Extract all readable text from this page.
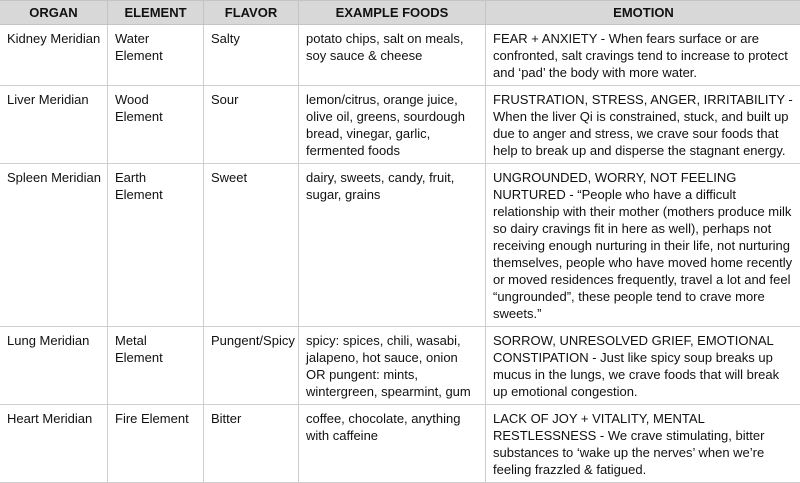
ORGAN	ELEMENT	FLAVOR	EXAMPLE FOODS	EMOTION
Kidney Meridian	Water Element	Salty	potato chips, salt on meals, soy sauce & cheese	FEAR + ANXIETY - When fears surface or are confronted, salt cravings tend to increase to protect and ‘pad’ the body with more water.
Liver Meridian	Wood Element	Sour	lemon/citrus, orange juice, olive oil, greens, sourdough bread, vinegar, garlic, fermented foods	FRUSTRATION, STRESS, ANGER, IRRITABILITY - When the liver Qi is constrained, stuck, and built up due to anger and stress, we crave sour foods that help to break up and disperse the stagnant energy.
Spleen Meridian	Earth Element	Sweet	dairy, sweets, candy, fruit, sugar, grains	UNGROUNDED, WORRY, NOT FEELING NURTURED - “People who have a difficult relationship with their mother (mothers produce milk so dairy cravings fit in here as well), perhaps not receiving enough nurturing in their life, not nurturing themselves, people who have moved home recently or moved residences frequently, travel a lot and feel “ungrounded”, these people tend to crave more sweets.”
Lung Meridian	Metal Element	Pungent/Spicy	spicy: spices, chili, wasabi, jalapeno, hot sauce, onion OR pungent: mints, wintergreen, spearmint, gum	SORROW, UNRESOLVED GRIEF, EMOTIONAL CONSTIPATION - Just like spicy soup breaks up mucus in the lungs, we crave foods that will break up emotional congestion.
Heart Meridian	Fire Element	Bitter	coffee, chocolate, anything with caffeine	LACK OF JOY + VITALITY, MENTAL RESTLESSNESS - We crave stimulating, bitter substances to ‘wake up the nerves’ when we’re feeling frazzled & fatigued.
